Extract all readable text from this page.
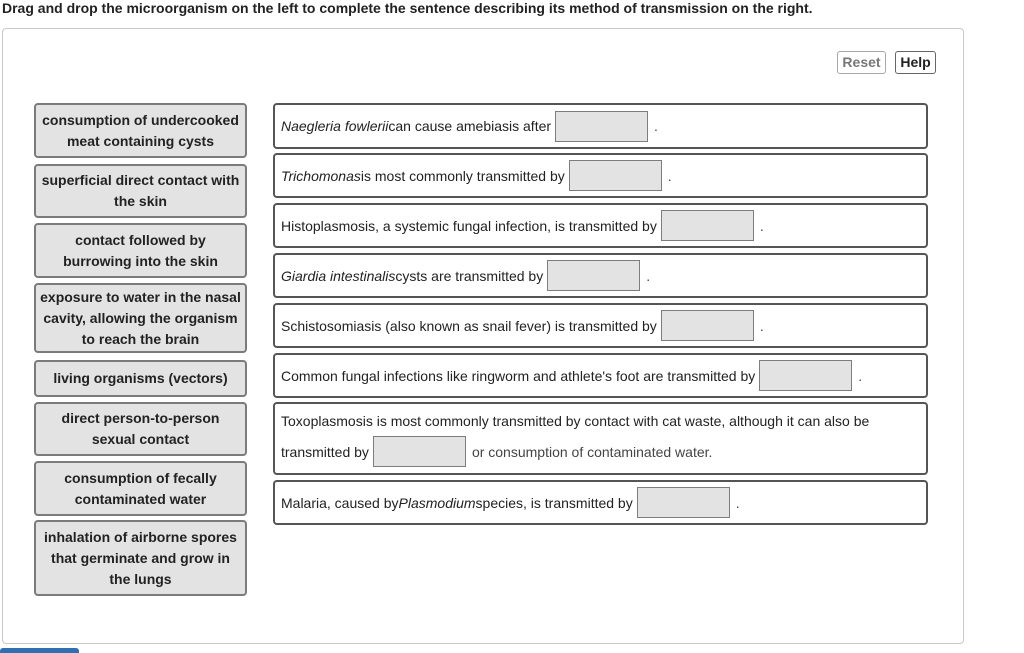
Drag and drop the microorganism on the left to complete the sentence describing its method of transmission on the right.
Reset	Help
consumption of undercooked meat containing cysts
superficial direct contact with the skin
contact followed by burrowing into the skin
exposure to water in the nasal cavity, allowing the organism to reach the brain
living organisms (vectors)
direct person-to-person sexual contact
consumption of fecally contaminated water
inhalation of airborne spores that germinate and grow in the lungs
Naegleria fowlerii can cause amebiasis after	.
Trichomonas is most commonly transmitted by	.
Histoplasmosis, a systemic fungal infection, is transmitted by	.
Giardia intestinalis cysts are transmitted by	.
Schistosomiasis (also known as snail fever) is transmitted by	.
Common fungal infections like ringworm and athlete's foot are transmitted by	.
Toxoplasmosis is most commonly transmitted by contact with cat waste, although it can also be
transmitted by	or consumption of contaminated water.
Malaria, caused by Plasmodium species, is transmitted by	.
